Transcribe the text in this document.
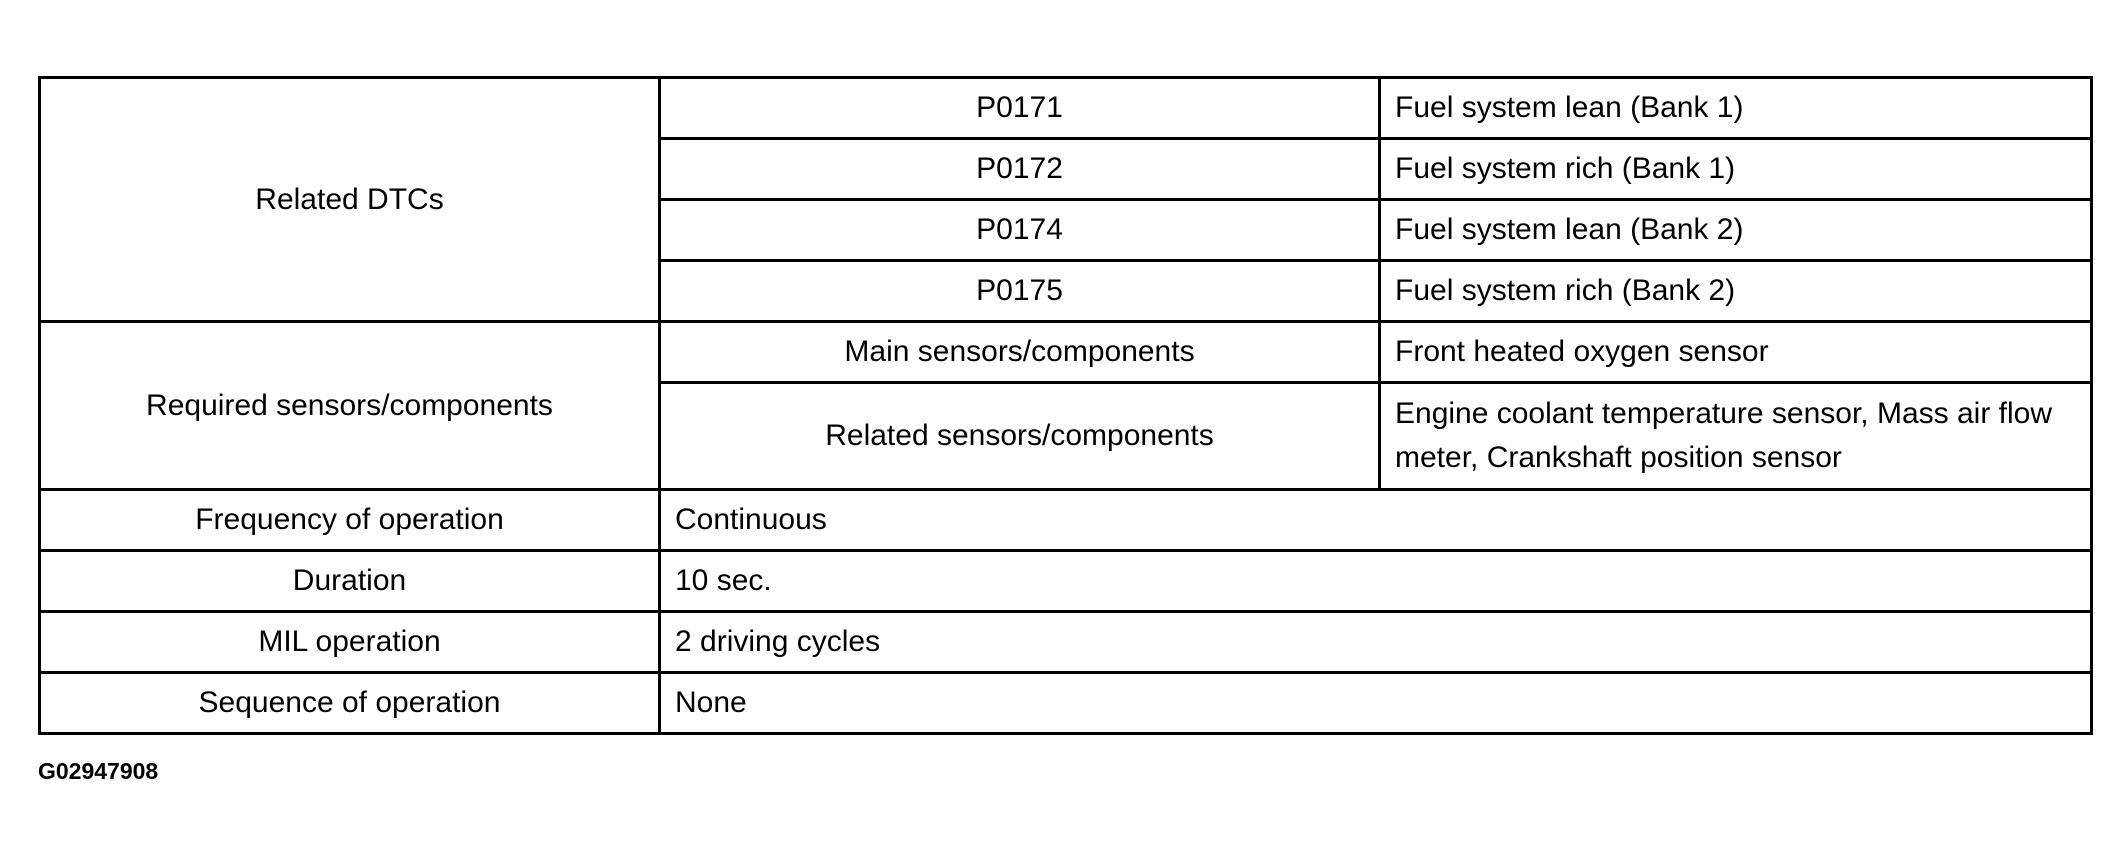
Related DTCs	P0171	Fuel system lean (Bank 1)
	P0172	Fuel system rich (Bank 1)
	P0174	Fuel system lean (Bank 2)
	P0175	Fuel system rich (Bank 2)
Required sensors/components	Main sensors/components	Front heated oxygen sensor
	Related sensors/components	Engine coolant temperature sensor, Mass air flow meter, Crankshaft position sensor
Frequency of operation	Continuous	
Duration	10 sec.	
MIL operation	2 driving cycles	
Sequence of operation	None	
G02947908
